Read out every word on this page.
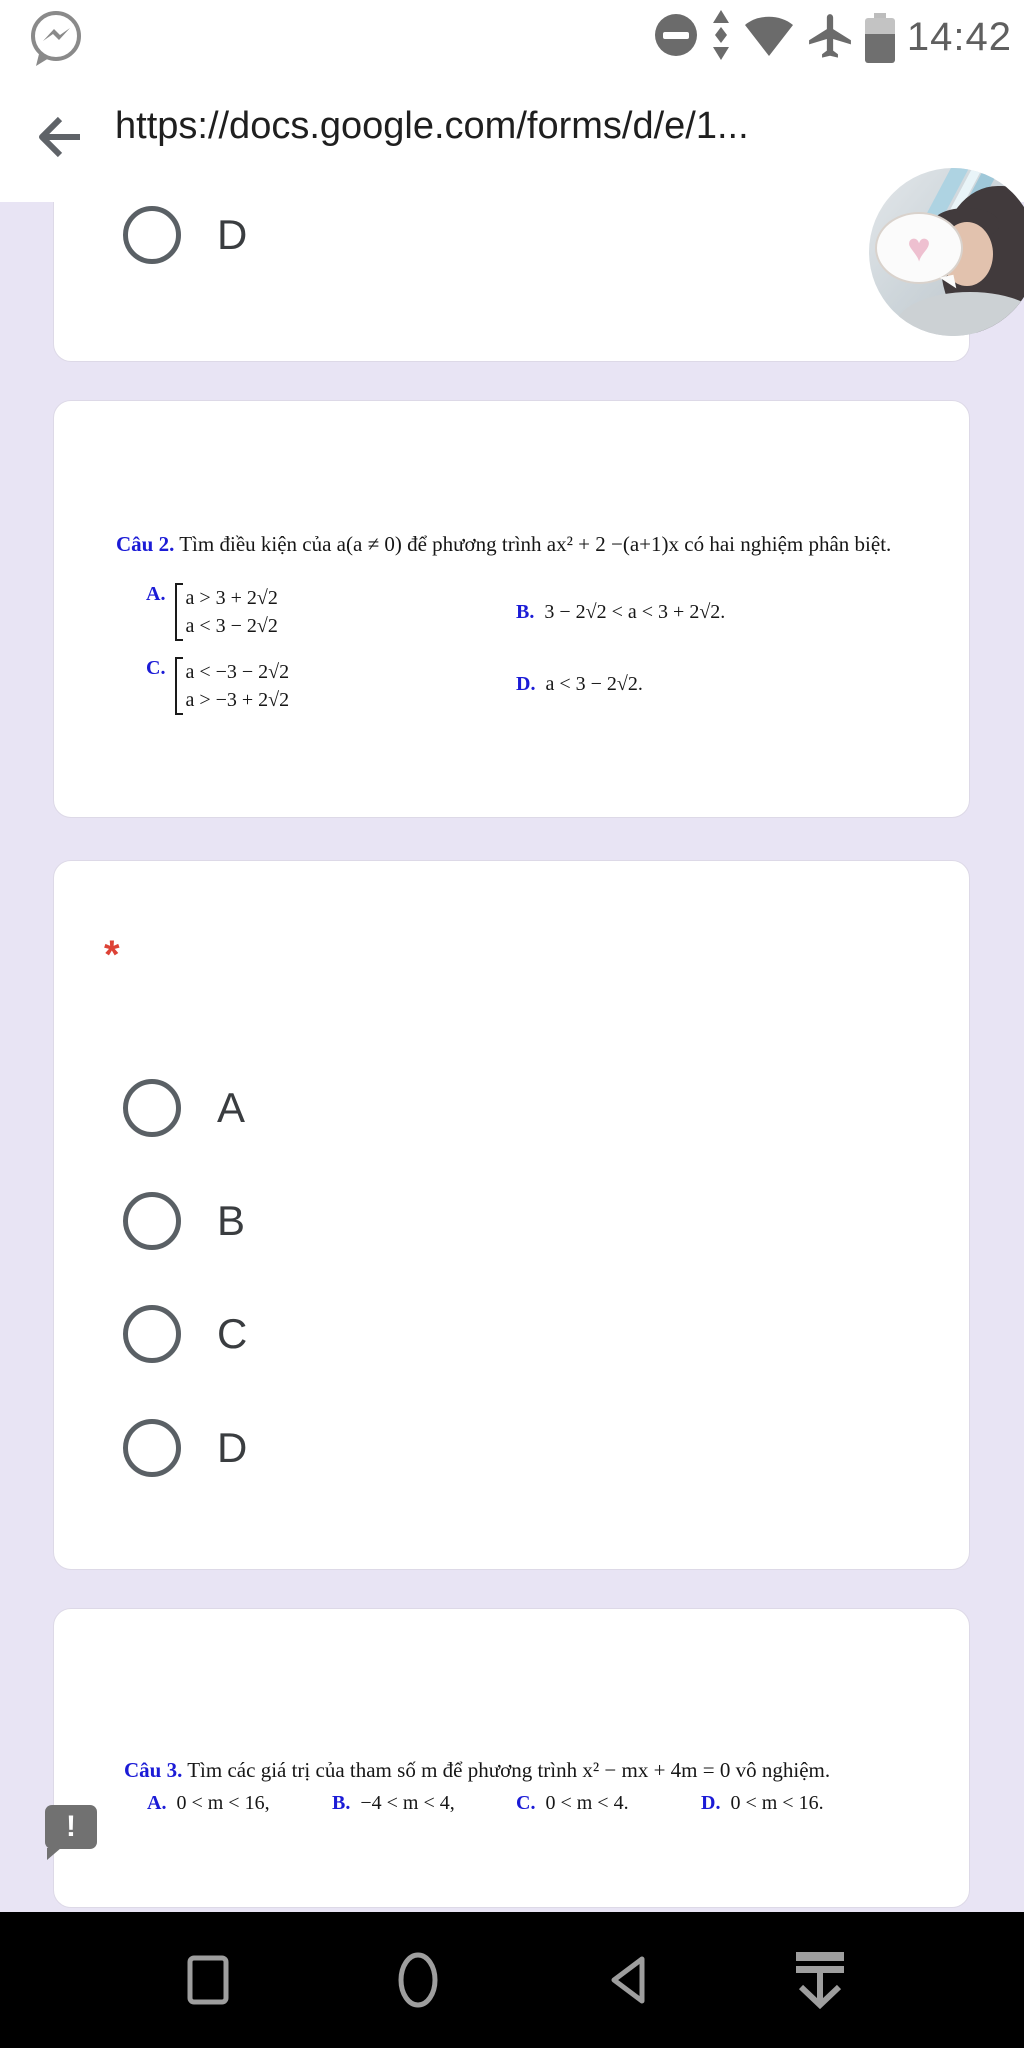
14:42
https://docs.google.com/forms/d/e/1...
D
Câu 2. Tìm điều kiện của a(a ≠ 0) để phương trình ax² + 2 −(a+1)x có hai nghiệm phân biệt.
A. a > 3 + 2√2
a < 3 − 2√2
B. 3 − 2√2 < a < 3 + 2√2.
C. a < −3 − 2√2
a > −3 + 2√2
D. a < 3 − 2√2.
*
A
B
C
D
Câu 3. Tìm các giá trị của tham số m để phương trình x² − mx + 4m = 0 vô nghiệm.
A. 0 < m < 16,	B. −4 < m < 4,	C. 0 < m < 4.	D. 0 < m < 16.
!
♥
